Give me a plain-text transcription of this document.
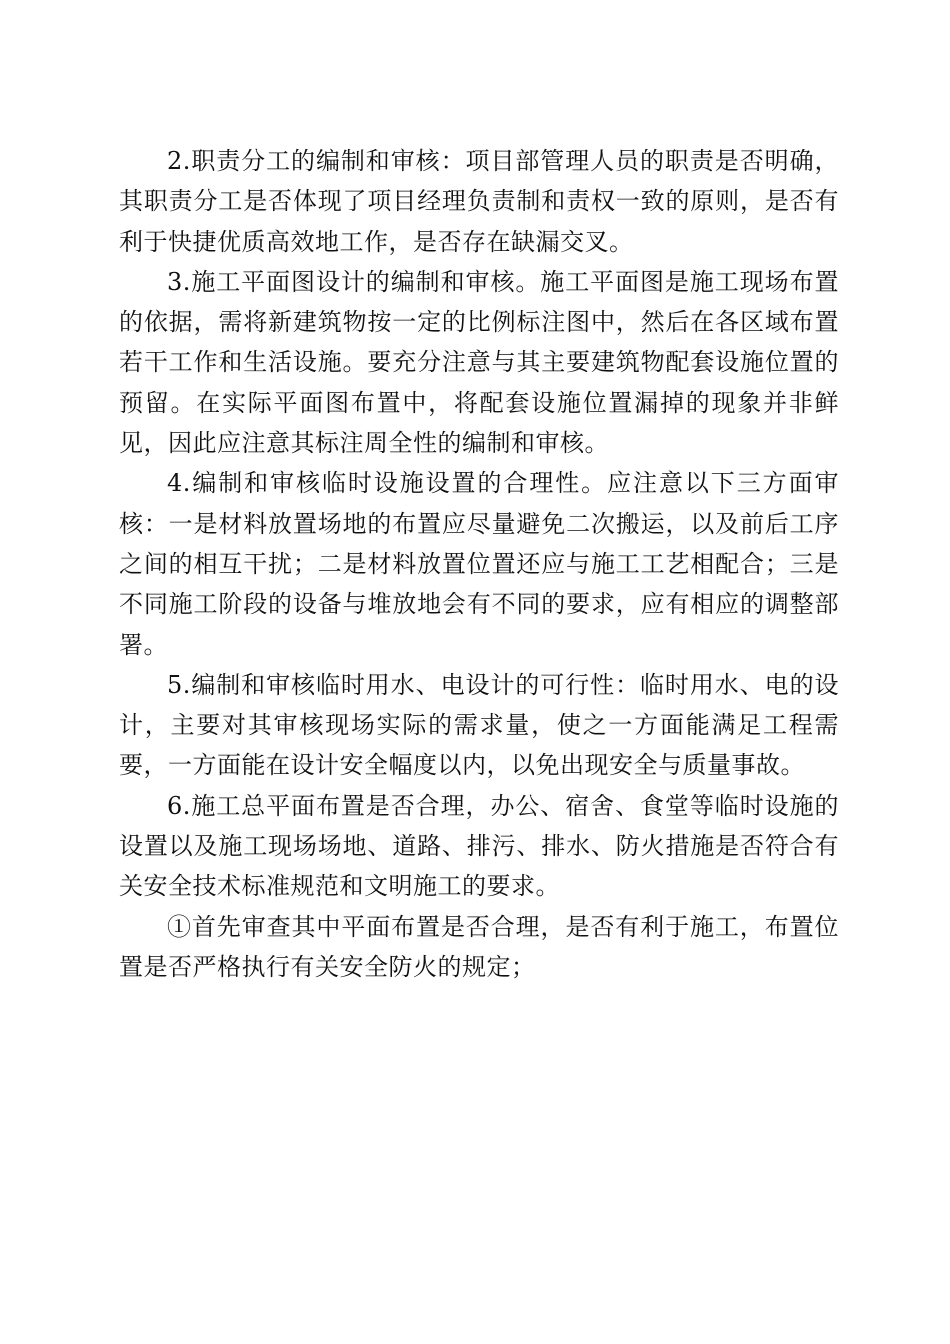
2.职责分工的编制和审核：项目部管理人员的职责是否明确，其职责分工是否体现了项目经理负责制和责权一致的原则，是否有利于快捷优质高效地工作，是否存在缺漏交叉。

3.施工平面图设计的编制和审核。施工平面图是施工现场布置的依据，需将新建筑物按一定的比例标注图中，然后在各区域布置若干工作和生活设施。要充分注意与其主要建筑物配套设施位置的预留。在实际平面图布置中，将配套设施位置漏掉的现象并非鲜见，因此应注意其标注周全性的编制和审核。

4.编制和审核临时设施设置的合理性。应注意以下三方面审核：一是材料放置场地的布置应尽量避免二次搬运，以及前后工序之间的相互干扰；二是材料放置位置还应与施工工艺相配合；三是不同施工阶段的设备与堆放地会有不同的要求，应有相应的调整部署。

5.编制和审核临时用水、电设计的可行性：临时用水、电的设计，主要对其审核现场实际的需求量，使之一方面能满足工程需要，一方面能在设计安全幅度以内，以免出现安全与质量事故。

6.施工总平面布置是否合理，办公、宿舍、食堂等临时设施的设置以及施工现场场地、道路、排污、排水、防火措施是否符合有关安全技术标准规范和文明施工的要求。

①首先审查其中平面布置是否合理，是否有利于施工，布置位置是否严格执行有关安全防火的规定；
